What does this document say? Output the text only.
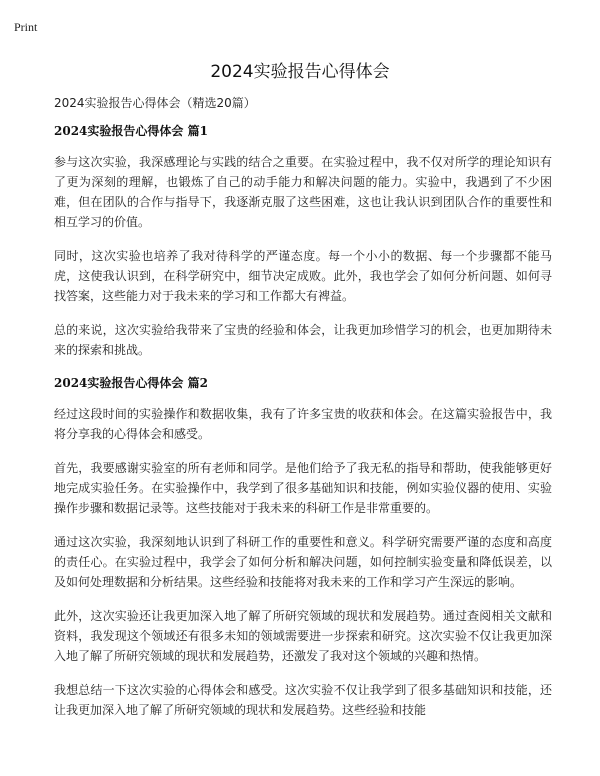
Print
2024实验报告心得体会

2024实验报告心得体会（精选20篇）

2024实验报告心得体会 篇1

参与这次实验，我深感理论与实践的结合之重要。在实验过程中，我不仅对所学的理论知识有了更为深刻的理解，也锻炼了自己的动手能力和解决问题的能力。实验中，我遇到了不少困难，但在团队的合作与指导下，我逐渐克服了这些困难，这也让我认识到团队合作的重要性和相互学习的价值。

同时，这次实验也培养了我对待科学的严谨态度。每一个小小的数据、每一个步骤都不能马虎，这使我认识到，在科学研究中，细节决定成败。此外，我也学会了如何分析问题、如何寻找答案，这些能力对于我未来的学习和工作都大有裨益。

总的来说，这次实验给我带来了宝贵的经验和体会，让我更加珍惜学习的机会，也更加期待未来的探索和挑战。

2024实验报告心得体会 篇2

经过这段时间的实验操作和数据收集，我有了许多宝贵的收获和体会。在这篇实验报告中，我将分享我的心得体会和感受。

首先，我要感谢实验室的所有老师和同学。是他们给予了我无私的指导和帮助，使我能够更好地完成实验任务。在实验操作中，我学到了很多基础知识和技能，例如实验仪器的使用、实验操作步骤和数据记录等。这些技能对于我未来的科研工作是非常重要的。

通过这次实验，我深刻地认识到了科研工作的重要性和意义。科学研究需要严谨的态度和高度的责任心。在实验过程中，我学会了如何分析和解决问题，如何控制实验变量和降低误差，以及如何处理数据和分析结果。这些经验和技能将对我未来的工作和学习产生深远的影响。

此外，这次实验还让我更加深入地了解了所研究领域的现状和发展趋势。通过查阅相关文献和资料，我发现这个领域还有很多未知的领域需要进一步探索和研究。这次实验不仅让我更加深入地了解了所研究领域的现状和发展趋势，还激发了我对这个领域的兴趣和热情。

我想总结一下这次实验的心得体会和感受。这次实验不仅让我学到了很多基础知识和技能，还让我更加深入地了解了所研究领域的现状和发展趋势。这些经验和技能
